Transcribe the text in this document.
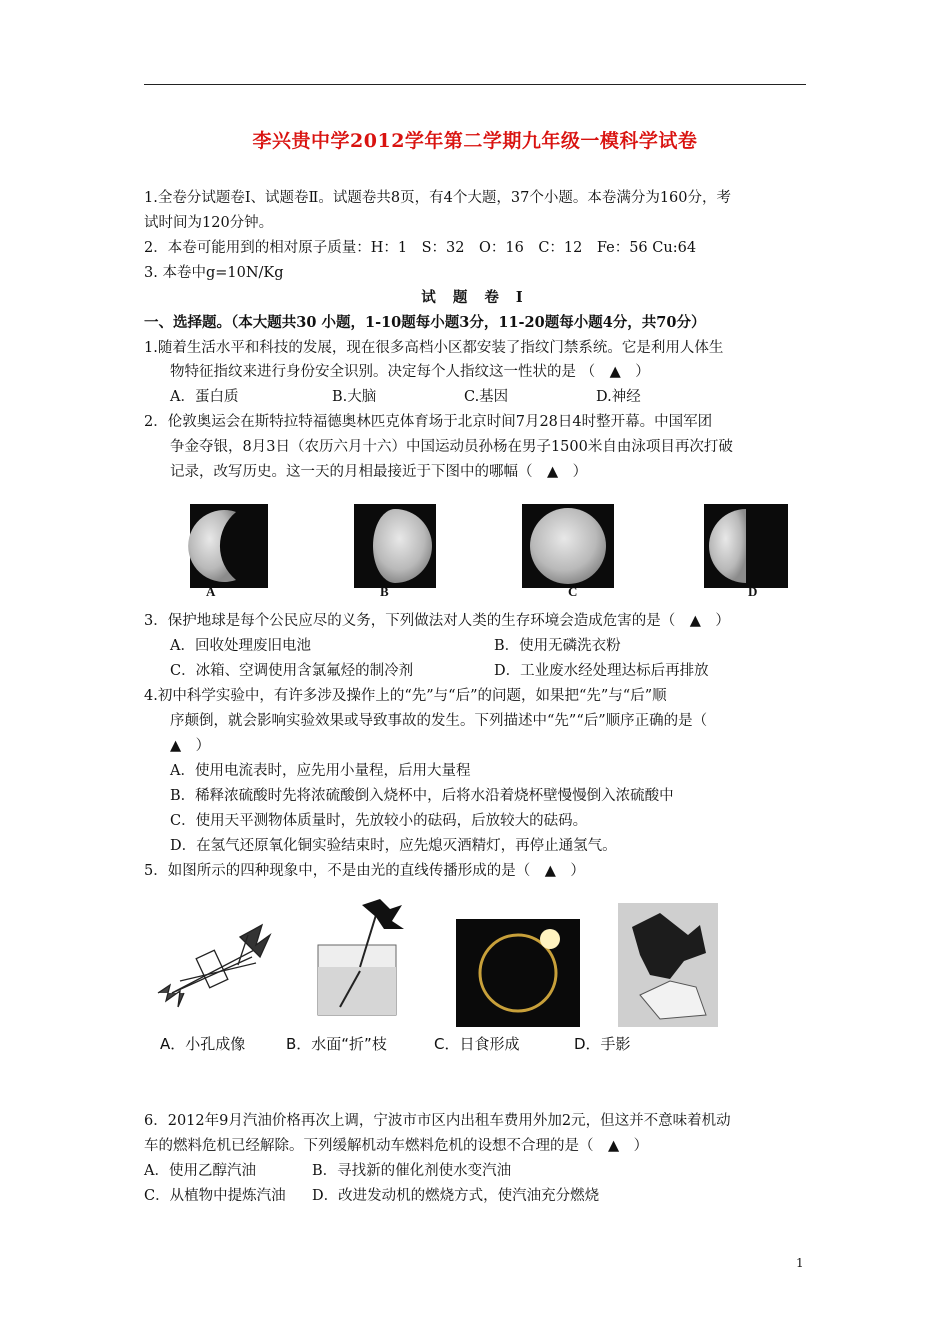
李兴贵中学2012学年第二学期九年级一模科学试卷
1.全卷分试题卷Ⅰ、试题卷Ⅱ。试题卷共8页，有4个大题，37个小题。本卷满分为160分，考
试时间为120分钟。
2．本卷可能用到的相对原子质量：H：1　S：32　O：16　C：12　Fe：56 Cu:64
3. 本卷中g=10N/Kg
试 题 卷 Ⅰ
一、选择题。（本大题共30 小题，1-10题每小题3分，11-20题每小题4分，共70分）
1.随着生活水平和科技的发展，现在很多高档小区都安装了指纹门禁系统。它是利用人体生
物特征指纹来进行身份安全识别。决定每个人指纹这一性状的是 （　▲　）
A．蛋白质	B.大脑	C.基因	D.神经
2．伦敦奥运会在斯特拉特福德奥林匹克体育场于北京时间7月28日4时整开幕。中国军团
争金夺银，8月3日（农历六月十六）中国运动员孙杨在男子1500米自由泳项目再次打破
记录，改写历史。这一天的月相最接近于下图中的哪幅（　▲　）
A	B	C	D
3．保护地球是每个公民应尽的义务，下列做法对人类的生存环境会造成危害的是（　▲　）
A．回收处理废旧电池	B．使用无磷洗衣粉
C．冰箱、空调使用含氯氟烃的制冷剂	D．工业废水经处理达标后再排放
4.初中科学实验中，有许多涉及操作上的“先”与“后”的问题，如果把“先”与“后”顺
序颠倒，就会影响实验效果或导致事故的发生。下列描述中“先”“后”顺序正确的是（
▲　）
A．使用电流表时，应先用小量程，后用大量程
B．稀释浓硫酸时先将浓硫酸倒入烧杯中，后将水沿着烧杯壁慢慢倒入浓硫酸中
C．使用天平测物体质量时，先放较小的砝码，后放较大的砝码。
D．在氢气还原氧化铜实验结束时，应先熄灭酒精灯，再停止通氢气。
5．如图所示的四种现象中，不是由光的直线传播形成的是（　▲　）
A．小孔成像	B．水面“折”枝	C．日食形成	D．手影
6．2012年9月汽油价格再次上调，宁波市市区内出租车费用外加2元，但这并不意味着机动
车的燃料危机已经解除。下列缓解机动车燃料危机的设想不合理的是（　▲　）
A．使用乙醇汽油	B．寻找新的催化剂使水变汽油
C．从植物中提炼汽油 D．改进发动机的燃烧方式，使汽油充分燃烧
1
